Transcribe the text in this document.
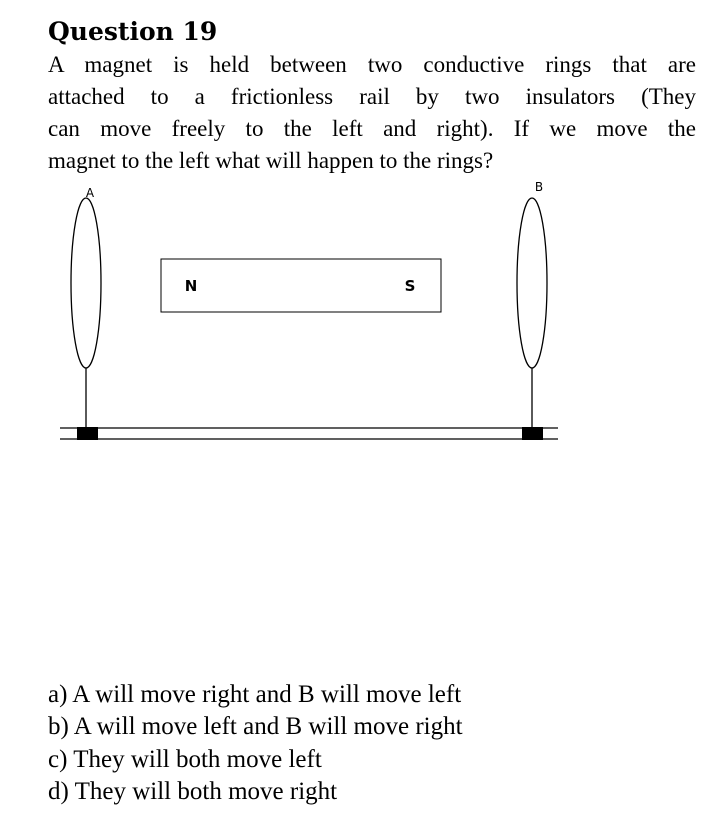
Question 19
A magnet is held between two conductive rings that are
attached to a frictionless rail by two insulators (They
can move freely to the left and right). If we move the
magnet to the left what will happen to the rings?
A	B
N	S
a) A will move right and B will move left
b) A will move left and B will move right
c) They will both move left
d) They will both move right
